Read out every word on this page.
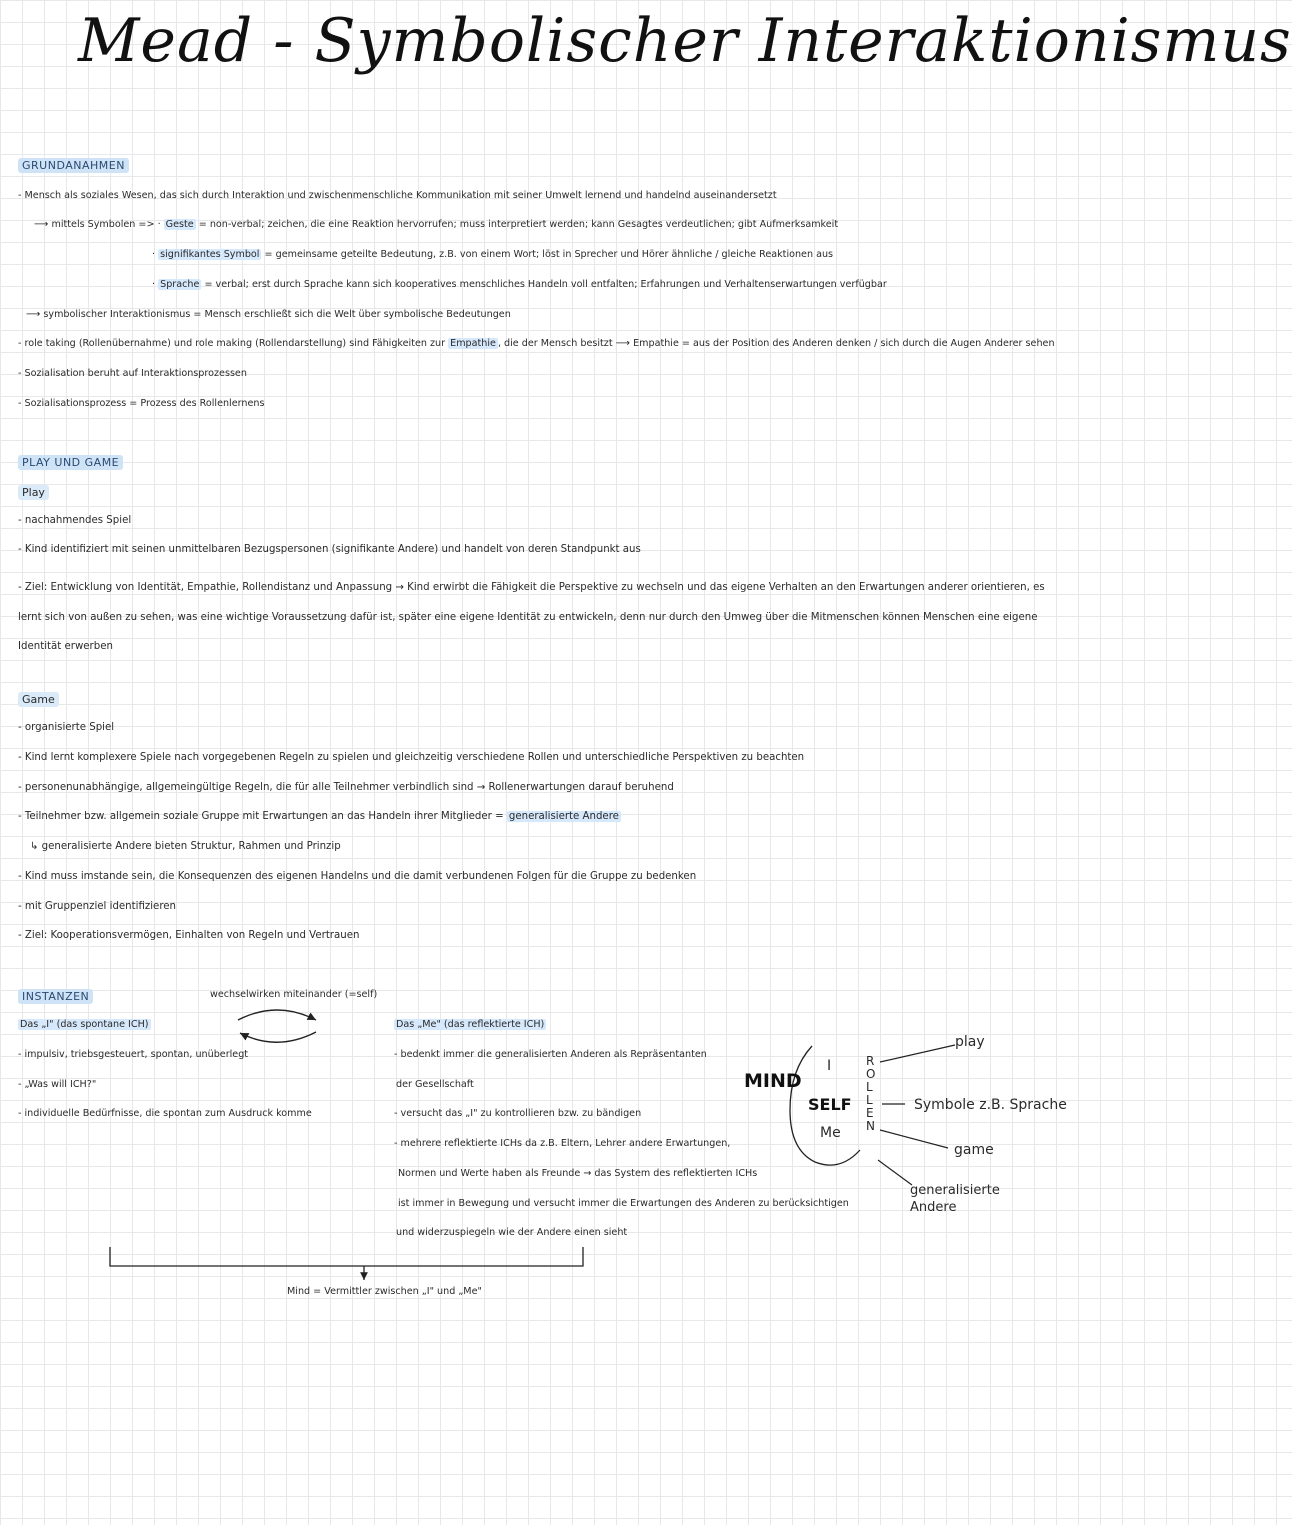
Mead - Symbolischer Interaktionismus
GRUNDANAHMEN
- Mensch als soziales Wesen, das sich durch Interaktion und zwischenmenschliche Kommunikation mit seiner Umwelt lernend und handelnd auseinandersetzt
⟶ mittels Symbolen => · Geste = non-verbal; zeichen, die eine Reaktion hervorrufen; muss interpretiert werden; kann Gesagtes verdeutlichen; gibt Aufmerksamkeit
· signifikantes Symbol = gemeinsame geteilte Bedeutung, z.B. von einem Wort; löst in Sprecher und Hörer ähnliche / gleiche Reaktionen aus
· Sprache = verbal; erst durch Sprache kann sich kooperatives menschliches Handeln voll entfalten; Erfahrungen und Verhaltenserwartungen verfügbar
⟶ symbolischer Interaktionismus = Mensch erschließt sich die Welt über symbolische Bedeutungen
- role taking (Rollenübernahme) und role making (Rollendarstellung) sind Fähigkeiten zur Empathie , die der Mensch besitzt ⟶ Empathie = aus der Position des Anderen denken / sich durch die Augen Anderer sehen
- Sozialisation beruht auf Interaktionsprozessen
- Sozialisationsprozess = Prozess des Rollenlernens
PLAY UND GAME
Play
- nachahmendes Spiel
- Kind identifiziert mit seinen unmittelbaren Bezugspersonen (signifikante Andere) und handelt von deren Standpunkt aus
- Ziel: Entwicklung von Identität, Empathie, Rollendistanz und Anpassung → Kind erwirbt die Fähigkeit die Perspektive zu wechseln und das eigene Verhalten an den Erwartungen anderer orientieren, es lernt sich von außen zu sehen, was eine wichtige Voraussetzung dafür ist, später eine eigene Identität zu entwickeln, denn nur durch den Umweg über die Mitmenschen können Menschen eine eigene Identität erwerben
Game
- organisierte Spiel
- Kind lernt komplexere Spiele nach vorgegebenen Regeln zu spielen und gleichzeitig verschiedene Rollen und unterschiedliche Perspektiven zu beachten
- personenunabhängige, allgemeingültige Regeln, die für alle Teilnehmer verbindlich sind → Rollenerwartungen darauf beruhend
- Teilnehmer bzw. allgemein soziale Gruppe mit Erwartungen an das Handeln ihrer Mitglieder = generalisierte Andere
↳ generalisierte Andere bieten Struktur, Rahmen und Prinzip
- Kind muss imstande sein, die Konsequenzen des eigenen Handelns und die damit verbundenen Folgen für die Gruppe zu bedenken
- mit Gruppenziel identifizieren
- Ziel: Kooperationsvermögen, Einhalten von Regeln und Vertrauen
INSTANZEN	wechselwirken miteinander (=self)
Das „I" (das spontane ICH)
- impulsiv, triebsgesteuert, spontan, unüberlegt
- „Was will ICH?"
- individuelle Bedürfnisse, die spontan zum Ausdruck komme
Das „Me" (das reflektierte ICH)
- bedenkt immer die generalisierten Anderen als Repräsentanten
der Gesellschaft
- versucht das „I" zu kontrollieren bzw. zu bändigen
- mehrere reflektierte ICHs da z.B. Eltern, Lehrer andere Erwartungen,
Normen und Werte haben als Freunde → das System des reflektierten ICHs
ist immer in Bewegung und versucht immer die Erwartungen des Anderen zu berücksichtigen
und widerzuspiegeln wie der Andere einen sieht
Mind = Vermittler zwischen „I" und „Me"
MIND
I
SELF
Me
R
O
L
L
E
N
play
Symbole z.B. Sprache
game
generalisierte
Andere
